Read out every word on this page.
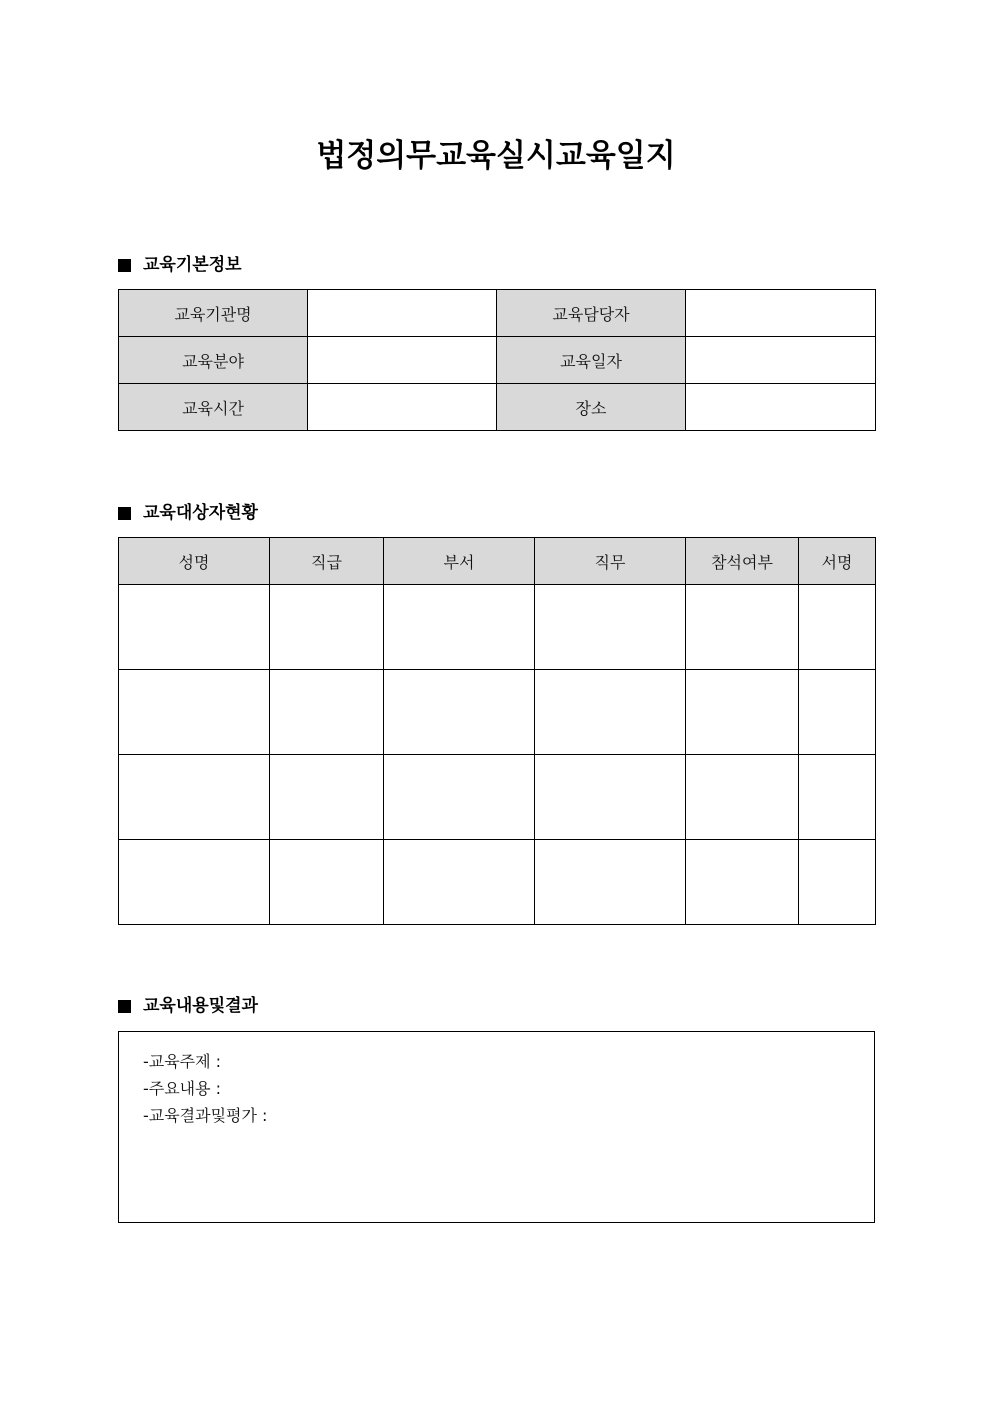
법정의무교육실시교육일지
교육기본정보
교육기관명		교육담당자	
교육분야		교육일자	
교육시간		장소	
교육대상자현황
성명	직급	부서	직무	참석여부	서명

교육내용및결과
-교육주제 :
-주요내용 :
-교육결과및평가 :
